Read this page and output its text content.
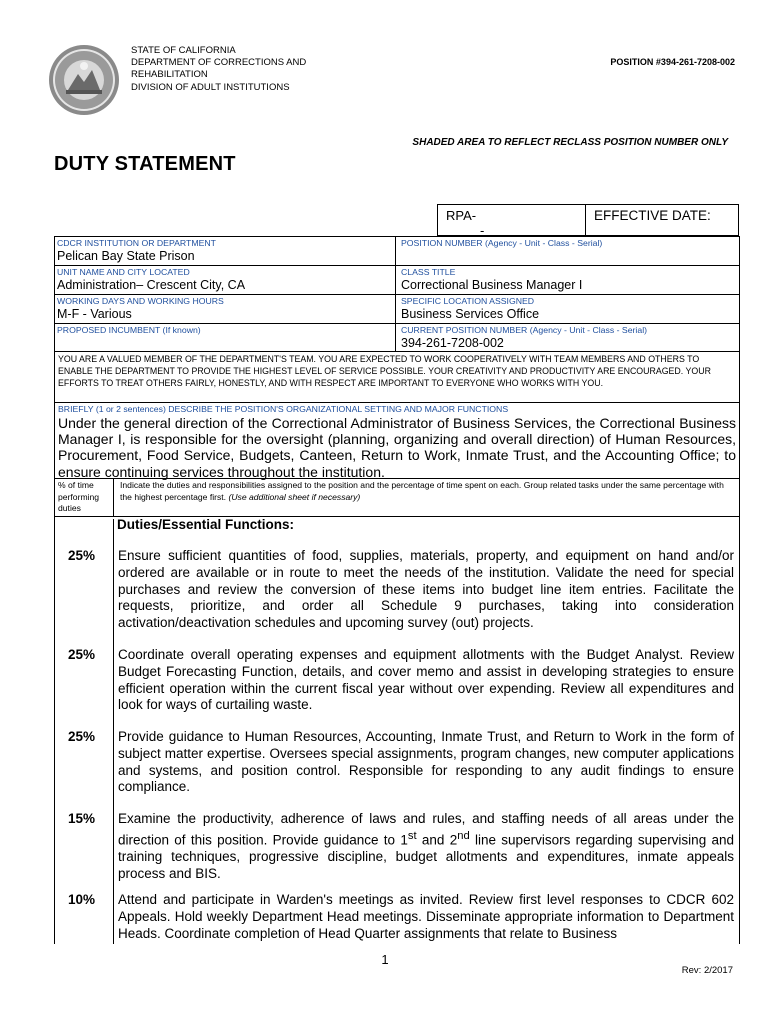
STATE OF CALIFORNIA
DEPARTMENT OF CORRECTIONS AND
REHABILITATION
DIVISION OF ADULT INSTITUTIONS
POSITION #394-261-7208-002
SHADED AREA TO REFLECT RECLASS POSITION NUMBER ONLY
DUTY STATEMENT
RPA-
-
EFFECTIVE DATE:
CDCR INSTITUTION OR DEPARTMENT
Pelican Bay State Prison
POSITION NUMBER (Agency - Unit - Class - Serial)
UNIT NAME AND CITY LOCATED
Administration– Crescent City, CA
CLASS TITLE
Correctional Business Manager I
WORKING DAYS AND WORKING HOURS
M-F - Various
SPECIFIC LOCATION ASSIGNED
Business Services Office
PROPOSED INCUMBENT (If known)	CURRENT POSITION NUMBER (Agency - Unit - Class - Serial)
394-261-7208-002
YOU ARE A VALUED MEMBER OF THE DEPARTMENT'S TEAM. YOU ARE EXPECTED TO WORK COOPERATIVELY WITH TEAM MEMBERS AND OTHERS TO ENABLE THE DEPARTMENT TO PROVIDE THE HIGHEST LEVEL OF SERVICE POSSIBLE. YOUR CREATIVITY AND PRODUCTIVITY ARE ENCOURAGED. YOUR EFFORTS TO TREAT OTHERS FAIRLY, HONESTLY, AND WITH RESPECT ARE IMPORTANT TO EVERYONE WHO WORKS WITH YOU.
BRIEFLY (1 or 2 sentences) DESCRIBE THE POSITION'S ORGANIZATIONAL SETTING AND MAJOR FUNCTIONS
Under the general direction of the Correctional Administrator of Business Services, the Correctional Business Manager I, is responsible for the oversight (planning, organizing and overall direction) of Human Resources, Procurement, Food Service, Budgets, Canteen, Return to Work, Inmate Trust, and the Accounting Office; to ensure continuing services throughout the institution.
% of time performing duties
Indicate the duties and responsibilities assigned to the position and the percentage of time spent on each. Group related tasks under the same percentage with the highest percentage first. (Use additional sheet if necessary)
Duties/Essential Functions:
25% Ensure sufficient quantities of food, supplies, materials, property, and equipment on hand and/or ordered are available or in route to meet the needs of the institution. Validate the need for special purchases and review the conversion of these items into budget line item entries. Facilitate the requests, prioritize, and order all Schedule 9 purchases, taking into consideration activation/deactivation schedules and upcoming survey (out) projects.
25% Coordinate overall operating expenses and equipment allotments with the Budget Analyst. Review Budget Forecasting Function, details, and cover memo and assist in developing strategies to ensure efficient operation within the current fiscal year without over expending. Review all expenditures and look for ways of curtailing waste.
25% Provide guidance to Human Resources, Accounting, Inmate Trust, and Return to Work in the form of subject matter expertise. Oversees special assignments, program changes, new computer applications and systems, and position control. Responsible for responding to any audit findings to ensure compliance.
15% Examine the productivity, adherence of laws and rules, and staffing needs of all areas under the direction of this position. Provide guidance to 1st and 2nd line supervisors regarding supervising and training techniques, progressive discipline, budget allotments and expenditures, inmate appeals process and BIS.
10% Attend and participate in Warden's meetings as invited. Review first level responses to CDCR 602 Appeals. Hold weekly Department Head meetings. Disseminate appropriate information to Department Heads. Coordinate completion of Head Quarter assignments that relate to Business
1
Rev: 2/2017
